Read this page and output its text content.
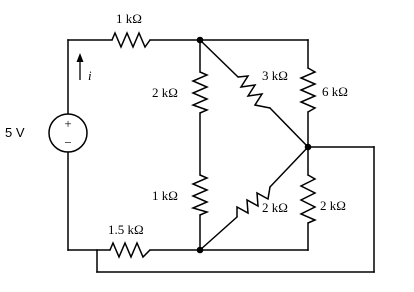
+
−
5 V
i
1 kΩ
2 kΩ
1 kΩ
3 kΩ
6 kΩ
2 kΩ 2 kΩ
1.5 kΩ
